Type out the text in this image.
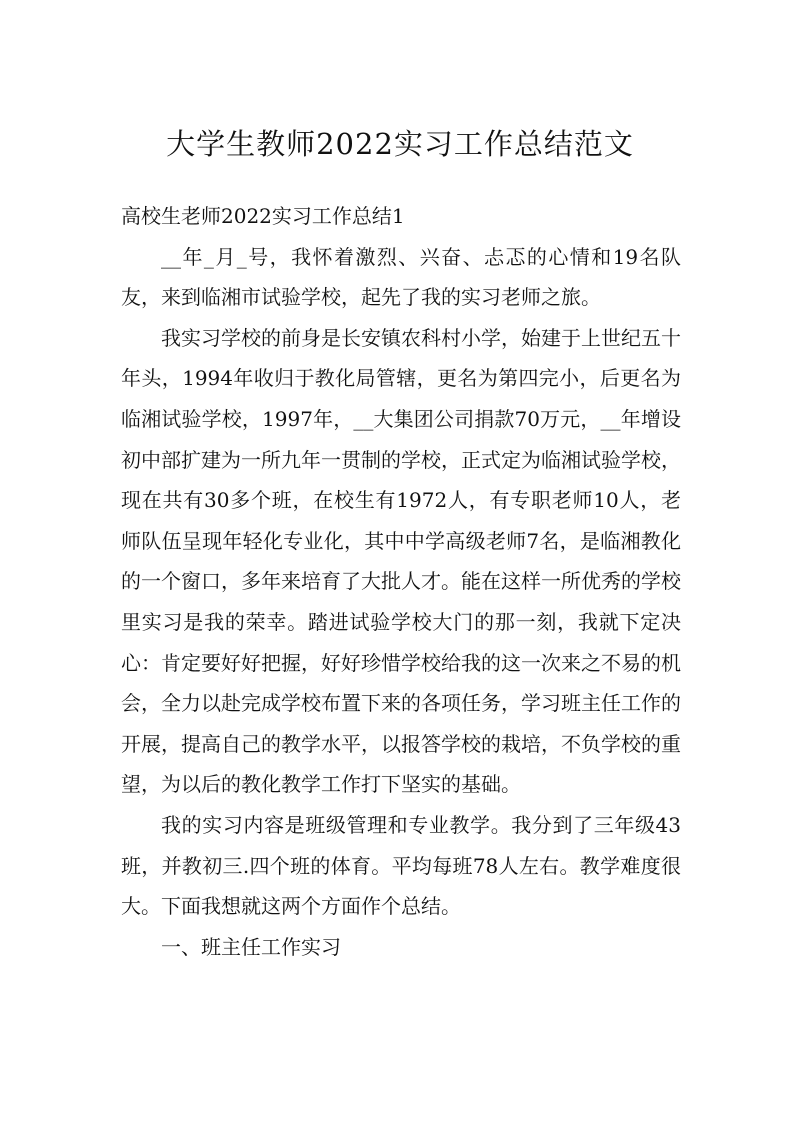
大学生教师2022实习工作总结范文

高校生老师2022实习工作总结1

__年_月_号，我怀着激烈、兴奋、忐忑的心情和19名队友，来到临湘市试验学校，起先了我的实习老师之旅。

我实习学校的前身是长安镇农科村小学，始建于上世纪五十年头，1994年收归于教化局管辖，更名为第四完小，后更名为临湘试验学校，1997年，__大集团公司捐款70万元，__年增设初中部扩建为一所九年一贯制的学校，正式定为临湘试验学校，现在共有30多个班，在校生有1972人，有专职老师10人，老师队伍呈现年轻化专业化，其中中学高级老师7名，是临湘教化的一个窗口，多年来培育了大批人才。能在这样一所优秀的学校里实习是我的荣幸。踏进试验学校大门的那一刻，我就下定决心：肯定要好好把握，好好珍惜学校给我的这一次来之不易的机会，全力以赴完成学校布置下来的各项任务，学习班主任工作的开展，提高自己的教学水平，以报答学校的栽培，不负学校的重望，为以后的教化教学工作打下坚实的基础。

我的实习内容是班级管理和专业教学。我分到了三年级43班，并教初三.四个班的体育。平均每班78人左右。教学难度很大。下面我想就这两个方面作个总结。

一、班主任工作实习
